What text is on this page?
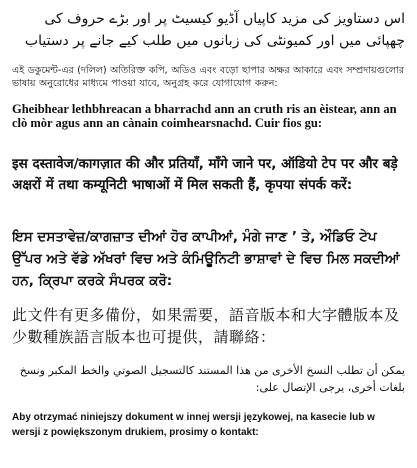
اس دستاویز کی مزید کاپیاں آڈیو کیسیٹ پر اور بڑے حروف کی چھپائی میں اور کمیونٹی کی زبانوں میں طلب کیے جانے پر دستیاب

এই ডকুমেন্ট-এর (দলিল) অতিরিক্ত কপি, অডিও এবং বড়ো ছাপার অক্ষর আকারে এবং সম্প্রদায়গুলোর ভাষায় অনুরোধের মাধ্যমে পাওয়া যাবে, অনুগ্রহ করে যোগাযোগ করুন:

Gheibhear lethbhreacan a bharrachd ann an cruth ris an èistear, ann an clò mòr agus ann an cànain coimhearsnachd. Cuir fios gu:

इस दस्तावेज/कागज़ात की और प्रतियाँ, माँगे जाने पर, ऑडियो टेप पर और बड़े अक्षरों में तथा कम्यूनिटी भाषाओं में मिल सकती हैं, कृपया संपर्क करें:

ਇਸ ਦਸਤਾਵੇਜ਼/ਕਾਗਜ਼ਾਤ ਦੀਆਂ ਹੋਰ ਕਾਪੀਆਂ, ਮੰਗੇ ਜਾਣ ’ ਤੇ, ਔਡਿਓ ਟੇਪ ਉੱਪਰ ਅਤੇ ਵੱਡੇ ਅੱਖਰਾਂ ਵਿਚ ਅਤੇ ਕੰਮਿਊਨਿਟੀ ਭਾਸ਼ਾਵਾਂ ਦੇ ਵਿਚ ਮਿਲ ਸਕਦੀਆਂ ਹਨ, ਕ੍ਰਿਪਾ ਕਰਕੇ ਸੰਪਰਕ ਕਰੋ:

此文件有更多備份，如果需要，語音版本和大字體版本及少數種族語言版本也可提供，請聯絡：

يمكن أن تطلب النسخ الأخرى من هذا المستند كالتسجيل الصوتي والخط المكبر ونسخ بلغات أخرى، يرجى الإتصال على:

Aby otrzymać niniejszy dokument w innej wersji językowej, na kasecie lub w wersji z powiększonym drukiem, prosimy o kontakt:
